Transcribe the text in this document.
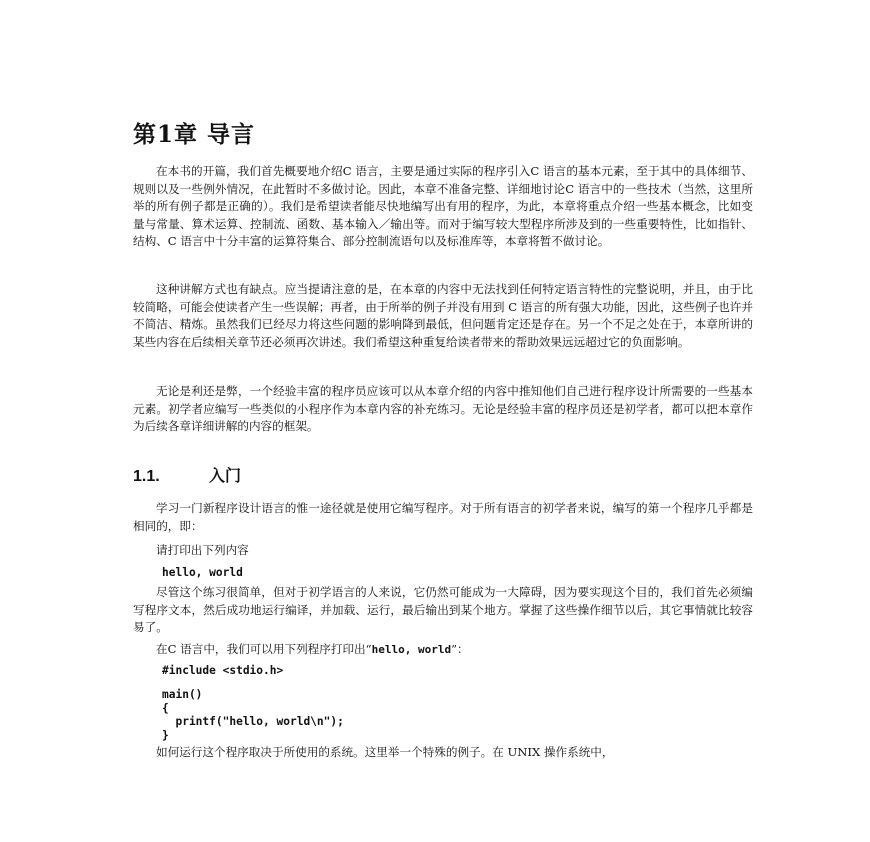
第1章 导言

在本书的开篇，我们首先概要地介绍C 语言，主要是通过实际的程序引入C 语言的基本元素，至于其中的具体细节、规则以及一些例外情况，在此暂时不多做讨论。因此，本章不准备完整、详细地讨论C 语言中的一些技术（当然，这里所举的所有例子都是正确的）。我们是希望读者能尽快地编写出有用的程序，为此，本章将重点介绍一些基本概念，比如变量与常量、算术运算、控制流、函数、基本输入／输出等。而对于编写较大型程序所涉及到的一些重要特性，比如指针、结构、C 语言中十分丰富的运算符集合、部分控制流语句以及标准库等，本章将暂不做讨论。

这种讲解方式也有缺点。应当提请注意的是，在本章的内容中无法找到任何特定语言特性的完整说明，并且，由于比较简略，可能会使读者产生一些误解；再者，由于所举的例子并没有用到 C 语言的所有强大功能，因此，这些例子也许并不简洁、精炼。虽然我们已经尽力将这些问题的影响降到最低，但问题肯定还是存在。另一个不足之处在于，本章所讲的某些内容在后续相关章节还必须再次讲述。我们希望这种重复给读者带来的帮助效果远远超过它的负面影响。

无论是利还是弊，一个经验丰富的程序员应该可以从本章介绍的内容中推知他们自己进行程序设计所需要的一些基本元素。初学者应编写一些类似的小程序作为本章内容的补充练习。无论是经验丰富的程序员还是初学者，都可以把本章作为后续各章详细讲解的内容的框架。

1.1.	入门

学习一门新程序设计语言的惟一途径就是使用它编写程序。对于所有语言的初学者来说，编写的第一个程序几乎都是相同的，即：

请打印出下列内容

hello, world

尽管这个练习很简单，但对于初学语言的人来说，它仍然可能成为一大障碍，因为要实现这个目的，我们首先必须编写程序文本，然后成功地运行编译，并加载、运行，最后输出到某个地方。掌握了这些操作细节以后，其它事情就比较容易了。

在C 语言中，我们可以用下列程序打印出“hello, world”：

#include <stdio.h>
main()
{
printf("hello, world\n");
}

如何运行这个程序取决于所使用的系统。这里举一个特殊的例子。在 UNIX 操作系统中，
